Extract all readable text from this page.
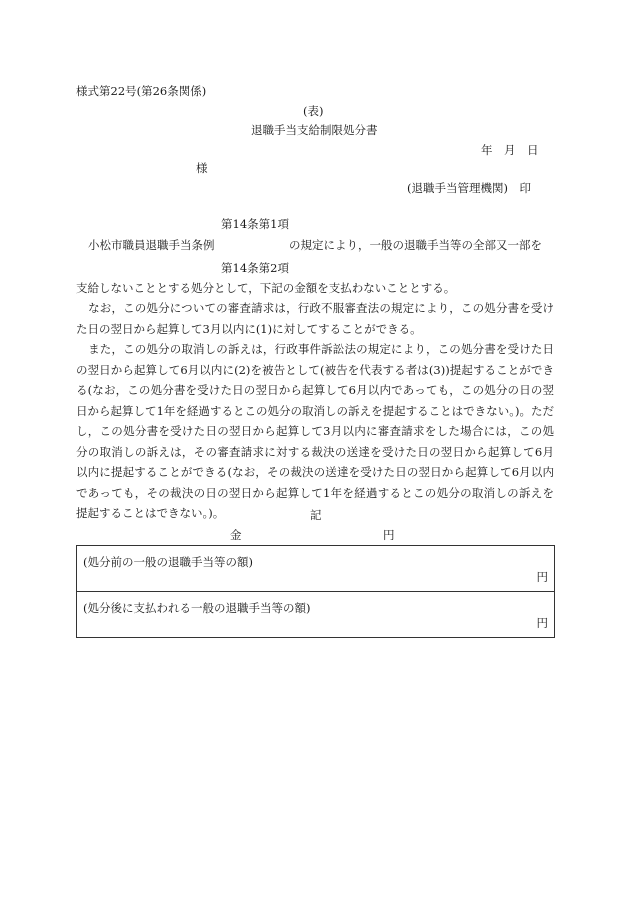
様式第22号(第26条関係)
(表)
退職手当支給制限処分書
年　月　日
様
(退職手当管理機関)　印
第14条第1項
小松市職員退職手当条例	の規定により，一般の退職手当等の全部又一部を
第14条第2項
支給しないこととする処分として，下記の金額を支払わないこととする。
なお，この処分についての審査請求は，行政不服審査法の規定により，この処分書を受けた日の翌日から起算して3月以内に(1)に対してすることができる。
また，この処分の取消しの訴えは，行政事件訴訟法の規定により，この処分書を受けた日の翌日から起算して6月以内に(2)を被告として(被告を代表する者は(3))提起することができる(なお，この処分書を受けた日の翌日から起算して6月以内であっても，この処分の日の翌日から起算して1年を経過するとこの処分の取消しの訴えを提起することはできない。)。ただし，この処分書を受けた日の翌日から起算して3月以内に審査請求をした場合には，この処分の取消しの訴えは，その審査請求に対する裁決の送達を受けた日の翌日から起算して6月以内に提起することができる(なお，その裁決の送達を受けた日の翌日から起算して6月以内であっても，その裁決の日の翌日から起算して1年を経過するとこの処分の取消しの訴えを提起することはできない。)。	記
金	円
(処分前の一般の退職手当等の額)
円
(処分後に支払われる一般の退職手当等の額)
円
